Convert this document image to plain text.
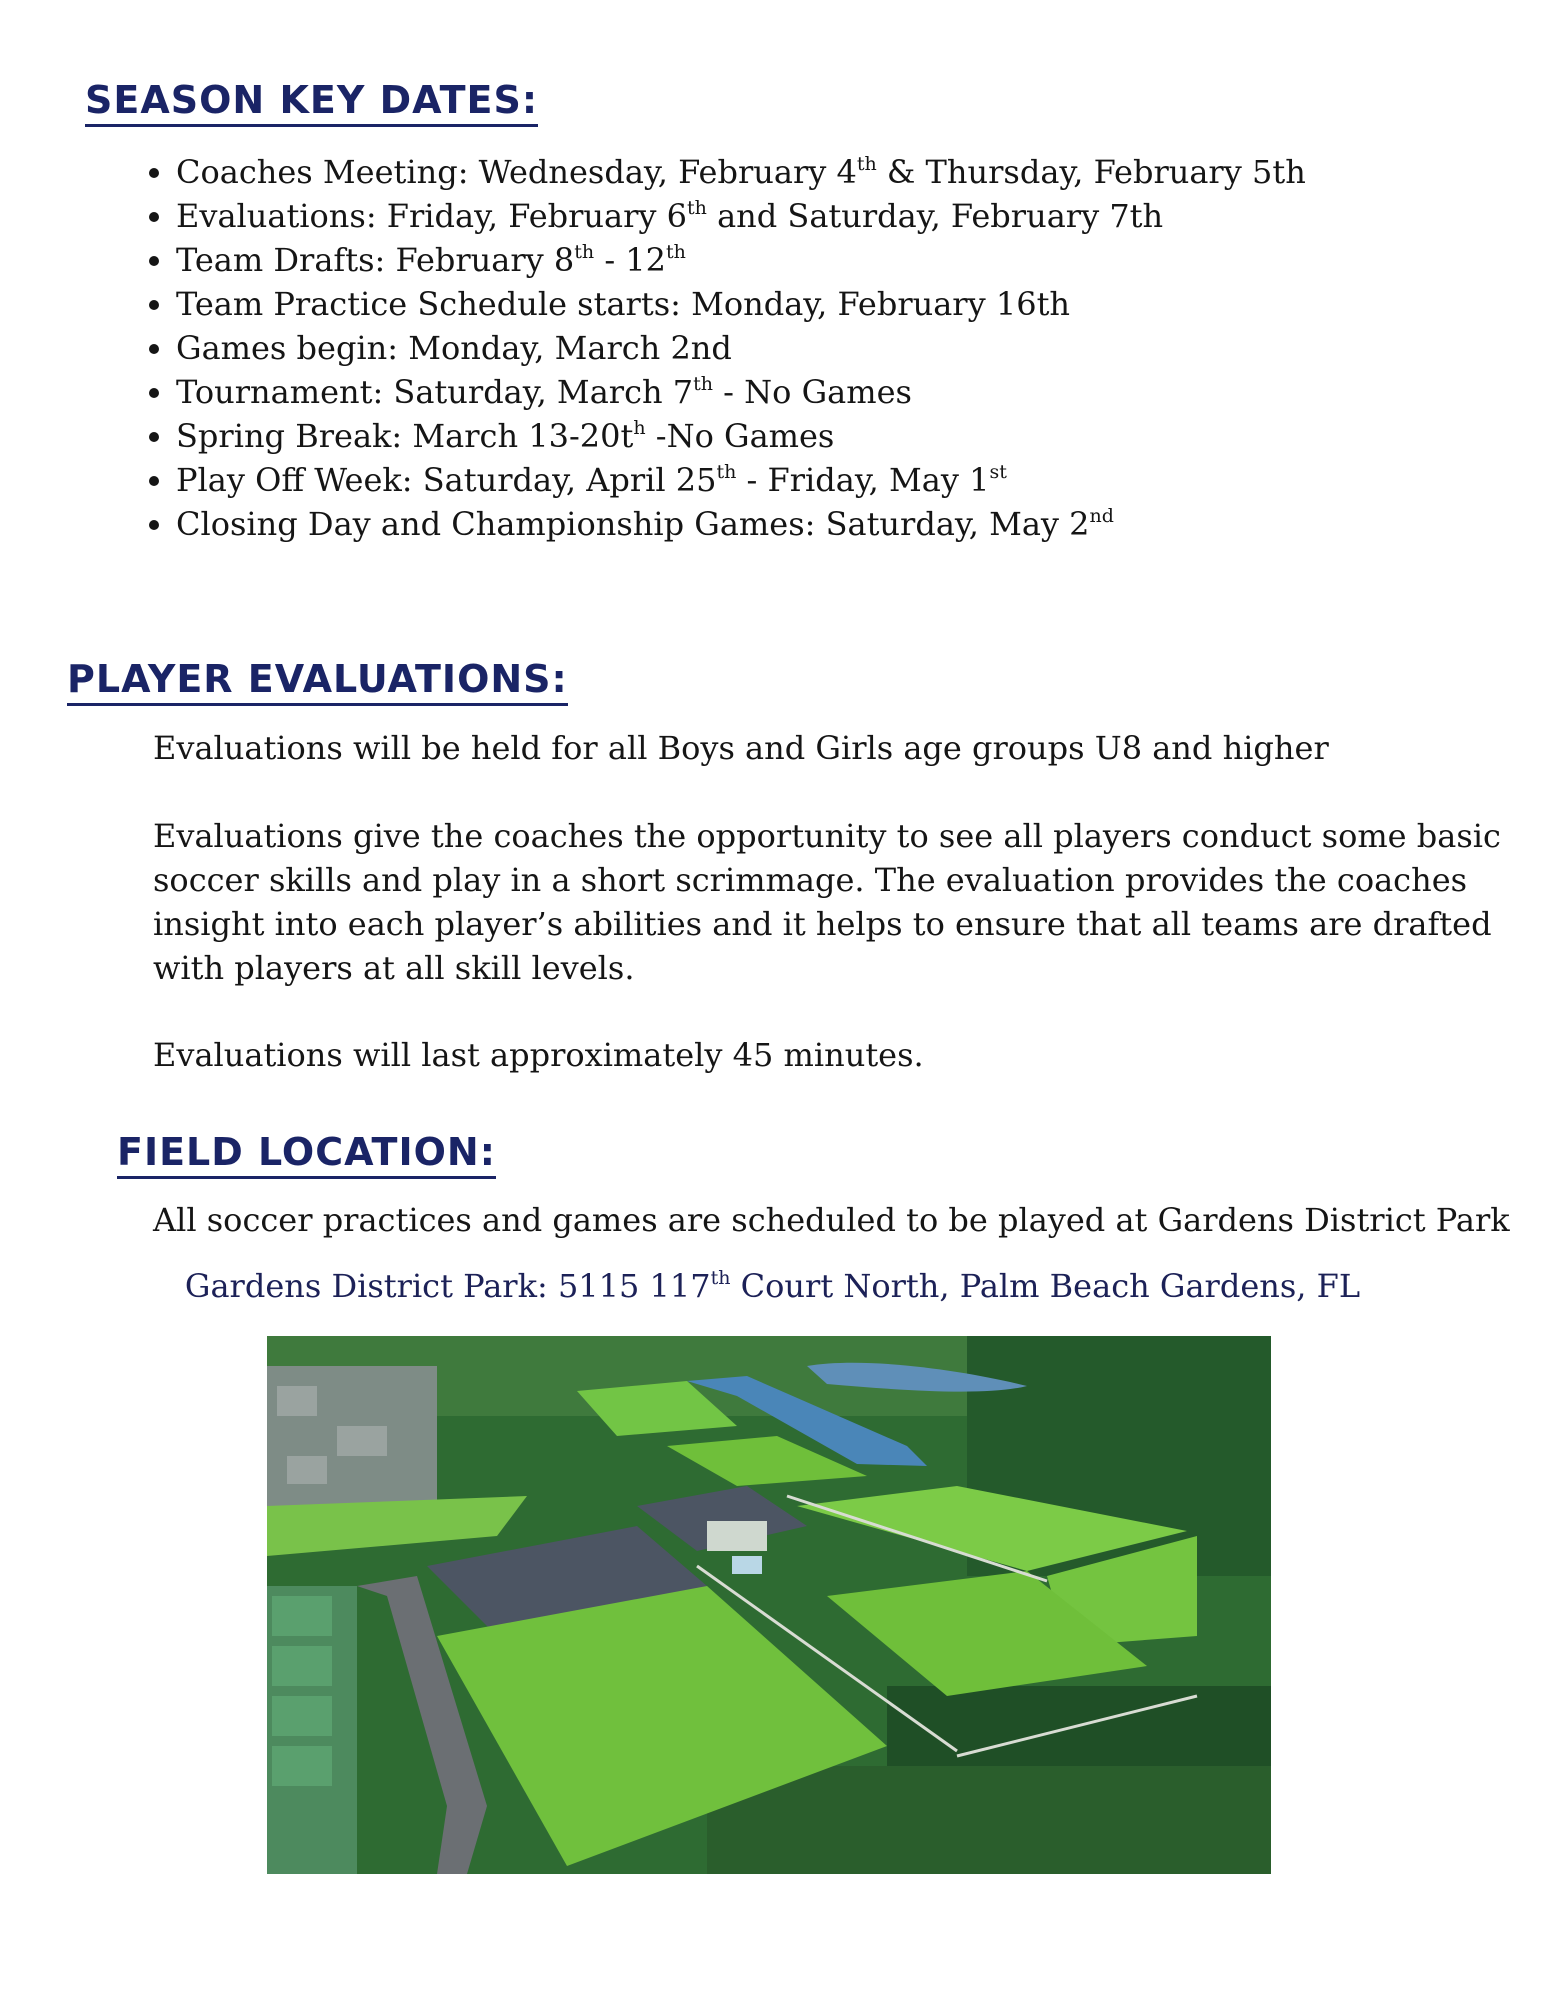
SEASON KEY DATES:
• Coaches Meeting: Wednesday, February 4th & Thursday, February 5th
• Evaluations: Friday, February 6th and Saturday, February 7th
• Team Drafts: February 8th - 12th
• Team Practice Schedule starts: Monday, February 16th
• Games begin: Monday, March 2nd
• Tournament: Saturday, March 7th - No Games
• Spring Break: March $13-20t^h$ -No Games
• Play Off Week: Saturday, April 25th - Friday, May 1st
• Closing Day and Championship Games: Saturday, May 2nd
PLAYER EVALUATIONS:

Evaluations will be held for all Boys and Girls age groups U8 and higher

Evaluations give the coaches the opportunity to see all players conduct some basic soccer skills and play in a short scrimmage. The evaluation provides the coaches insight into each player’s abilities and it helps to ensure that all teams are drafted with players at all skill levels.

Evaluations will last approximately 45 minutes.

FIELD LOCATION:

All soccer practices and games are scheduled to be played at Gardens District Park

Gardens District Park: 5115 117th Court North, Palm Beach Gardens, FL
